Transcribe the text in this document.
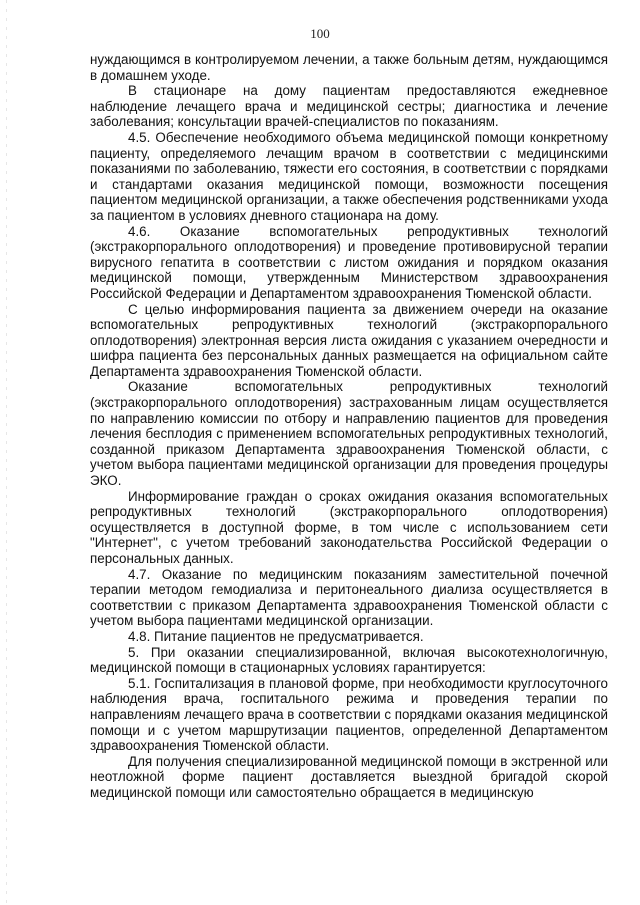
100

нуждающимся в контролируемом лечении, а также больным детям, нуждающимся в домашнем уходе.

В стационаре на дому пациентам предоставляются ежедневное наблюдение лечащего врача и медицинской сестры; диагностика и лечение заболевания; консультации врачей-специалистов по показаниям.

4.5. Обеспечение необходимого объема медицинской помощи конкретному пациенту, определяемого лечащим врачом в соответствии с медицинскими показаниями по заболеванию, тяжести его состояния, в соответствии с порядками и стандартами оказания медицинской помощи, возможности посещения пациентом медицинской организации, а также обеспечения родственниками ухода за пациентом в условиях дневного стационара на дому.

4.6. Оказание вспомогательных репродуктивных технологий (экстракорпорального оплодотворения) и проведение противовирусной терапии вирусного гепатита в соответствии с листом ожидания и порядком оказания медицинской помощи, утвержденным Министерством здравоохранения Российской Федерации и Департаментом здравоохранения Тюменской области.

С целью информирования пациента за движением очереди на оказание вспомогательных репродуктивных технологий (экстракорпорального оплодотворения) электронная версия листа ожидания с указанием очередности и шифра пациента без персональных данных размещается на официальном сайте Департамента здравоохранения Тюменской области.

Оказание вспомогательных репродуктивных технологий (экстракорпорального оплодотворения) застрахованным лицам осуществляется по направлению комиссии по отбору и направлению пациентов для проведения лечения бесплодия с применением вспомогательных репродуктивных технологий, созданной приказом Департамента здравоохранения Тюменской области, с учетом выбора пациентами медицинской организации для проведения процедуры ЭКО.

Информирование граждан о сроках ожидания оказания вспомогательных репродуктивных технологий (экстракорпорального оплодотворения) осуществляется в доступной форме, в том числе с использованием сети "Интернет", с учетом требований законодательства Российской Федерации о персональных данных.

4.7. Оказание по медицинским показаниям заместительной почечной терапии методом гемодиализа и перитонеального диализа осуществляется в соответствии с приказом Департамента здравоохранения Тюменской области с учетом выбора пациентами медицинской организации.

4.8. Питание пациентов не предусматривается.

5. При оказании специализированной, включая высокотехнологичную, медицинской помощи в стационарных условиях гарантируется:

5.1. Госпитализация в плановой форме, при необходимости круглосуточного наблюдения врача, госпитального режима и проведения терапии по направлениям лечащего врача в соответствии с порядками оказания медицинской помощи и с учетом маршрутизации пациентов, определенной Департаментом здравоохранения Тюменской области.

Для получения специализированной медицинской помощи в экстренной или неотложной форме пациент доставляется выездной бригадой скорой медицинской помощи или самостоятельно обращается в медицинскую
